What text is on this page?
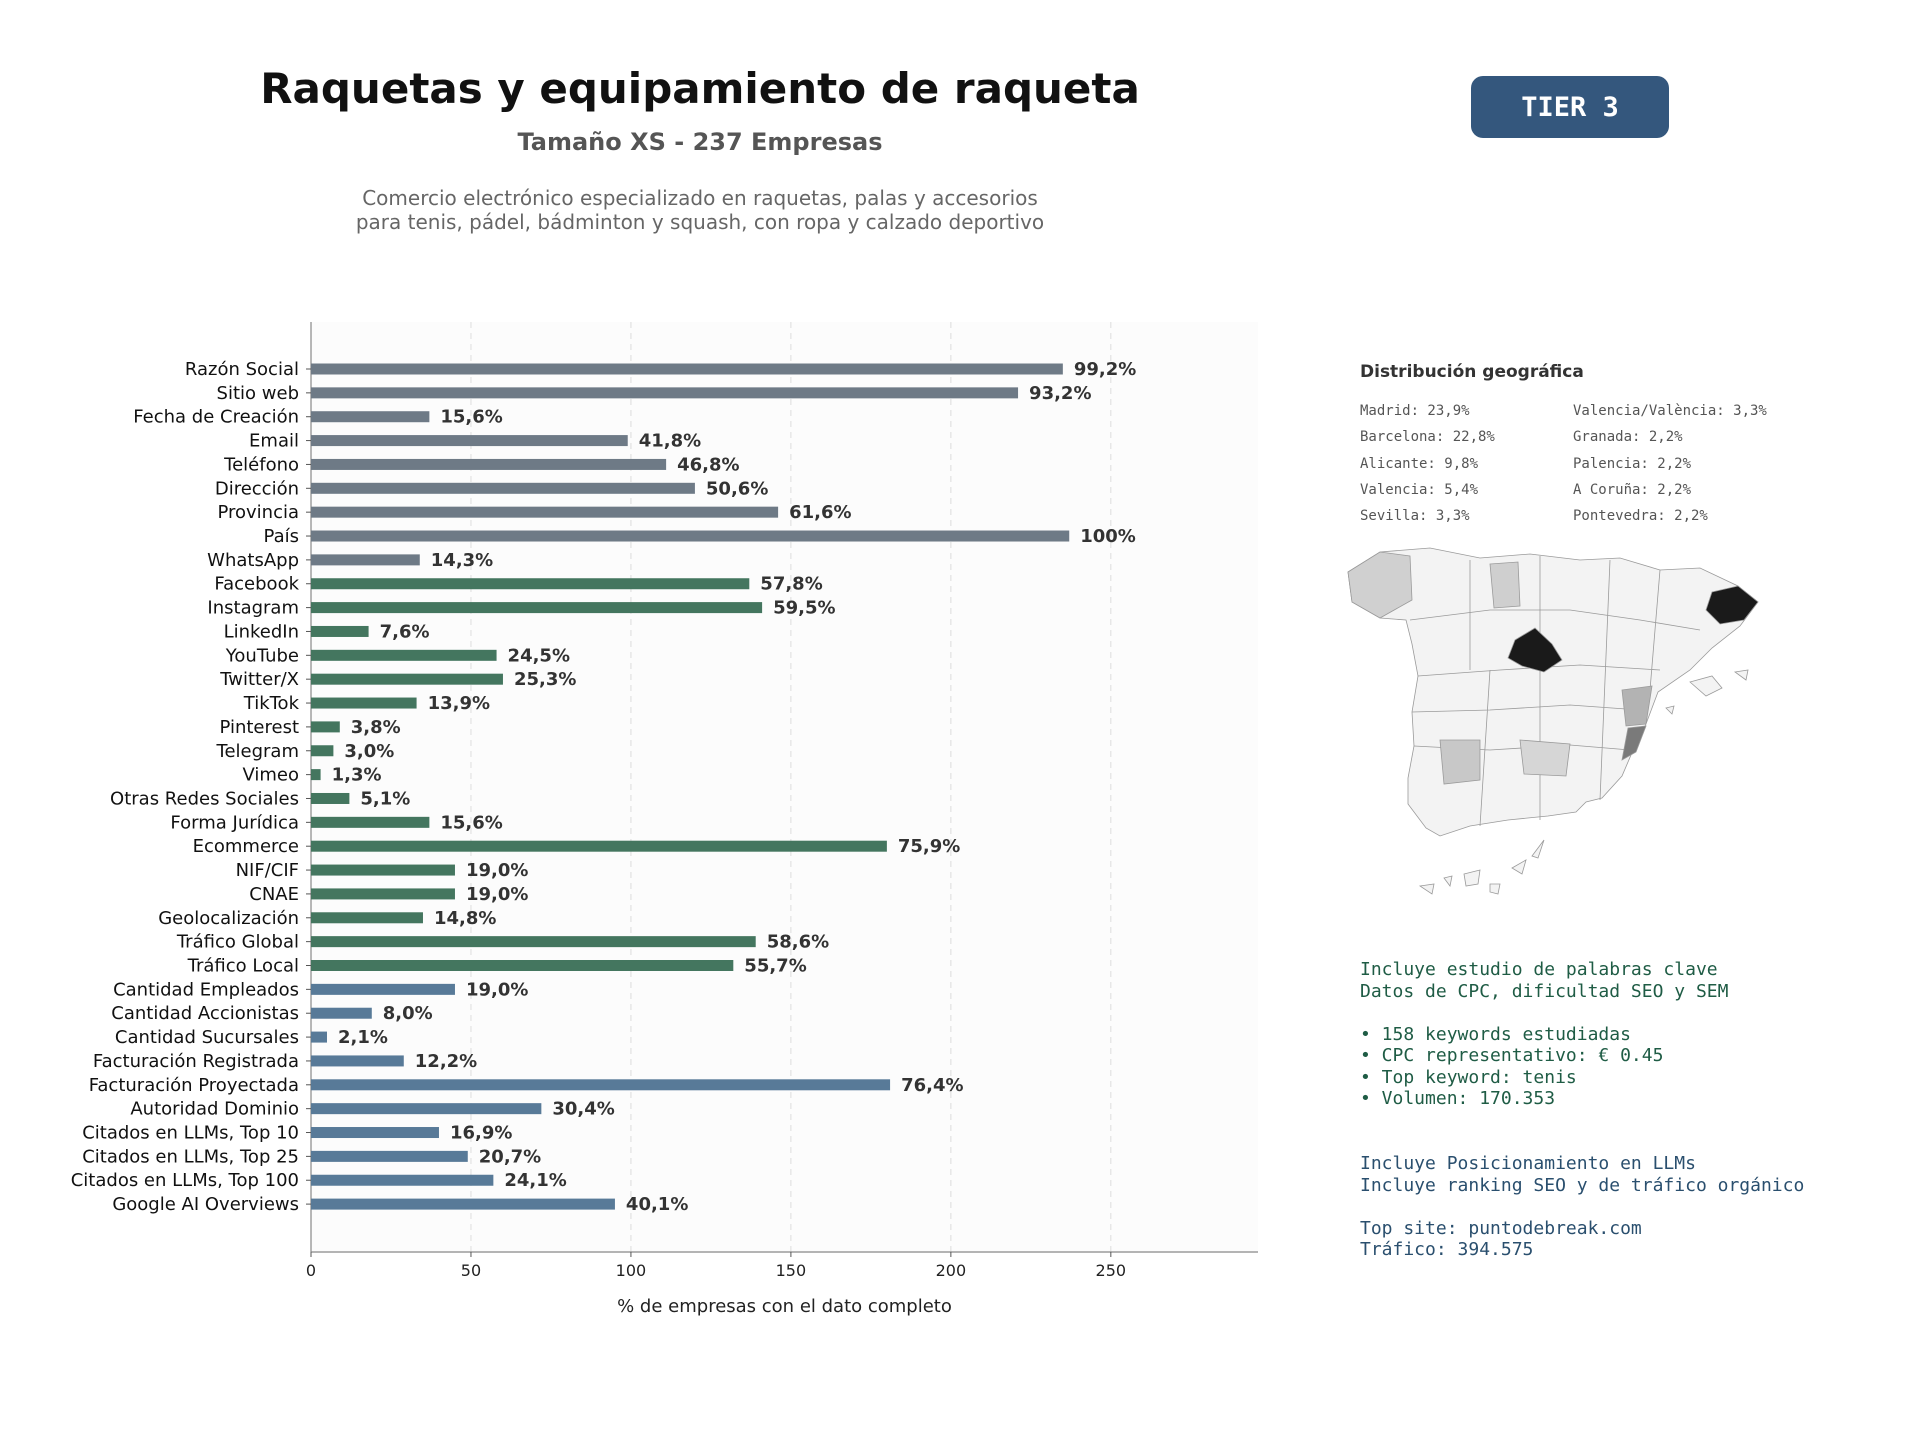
Raquetas y equipamiento de raqueta
Tamaño XS - 237 Empresas
Comercio electrónico especializado en raquetas, palas y accesorios
para tenis, pádel, bádminton y squash, con ropa y calzado deportivo
TIER 3
0	50	100	150	200	250
% de empresas con el dato completo
Razón Social	99,2%
Sitio web	93,2%
Fecha de Creación	15,6%
Email	41,8%
Teléfono	46,8%
Dirección	50,6%
Provincia	61,6%
País	100%
WhatsApp	14,3%
Facebook	57,8%
Instagram	59,5%
LinkedIn	7,6%
YouTube	24,5%
Twitter/X	25,3%
TikTok	13,9%
Pinterest	3,8%
Telegram	3,0%
Vimeo 1,3%
Otras Redes Sociales	5,1%
Forma Jurídica	15,6%
Ecommerce	75,9%
NIF/CIF	19,0%
CNAE	19,0%
Geolocalización	14,8%
Tráfico Global	58,6%
Tráfico Local	55,7%
Cantidad Empleados	19,0%
Cantidad Accionistas	8,0%
Cantidad Sucursales 2,1%
Facturación Registrada	12,2%
Facturación Proyectada	76,4%
Autoridad Dominio	30,4%
Citados en LLMs, Top 10	16,9%
Citados en LLMs, Top 25	20,7%
Citados en LLMs, Top 100	24,1%
Google AI Overviews	40,1%
Distribución geográfica
Madrid: 23,9%
Barcelona: 22,8%
Alicante: 9,8%
Valencia: 5,4%
Sevilla: 3,3%
Valencia/València: 3,3%
Granada: 2,2%
Palencia: 2,2%
A Coruña: 2,2%
Pontevedra: 2,2%
Incluye estudio de palabras clave
Datos de CPC, dificultad SEO y SEM

• 158 keywords estudiadas
• CPC representativo: € 0.45
• Top keyword: tenis
• Volumen: 170.353
Incluye Posicionamiento en LLMs
Incluye ranking SEO y de tráfico orgánico

Top site: puntodebreak.com
Tráfico: 394.575
